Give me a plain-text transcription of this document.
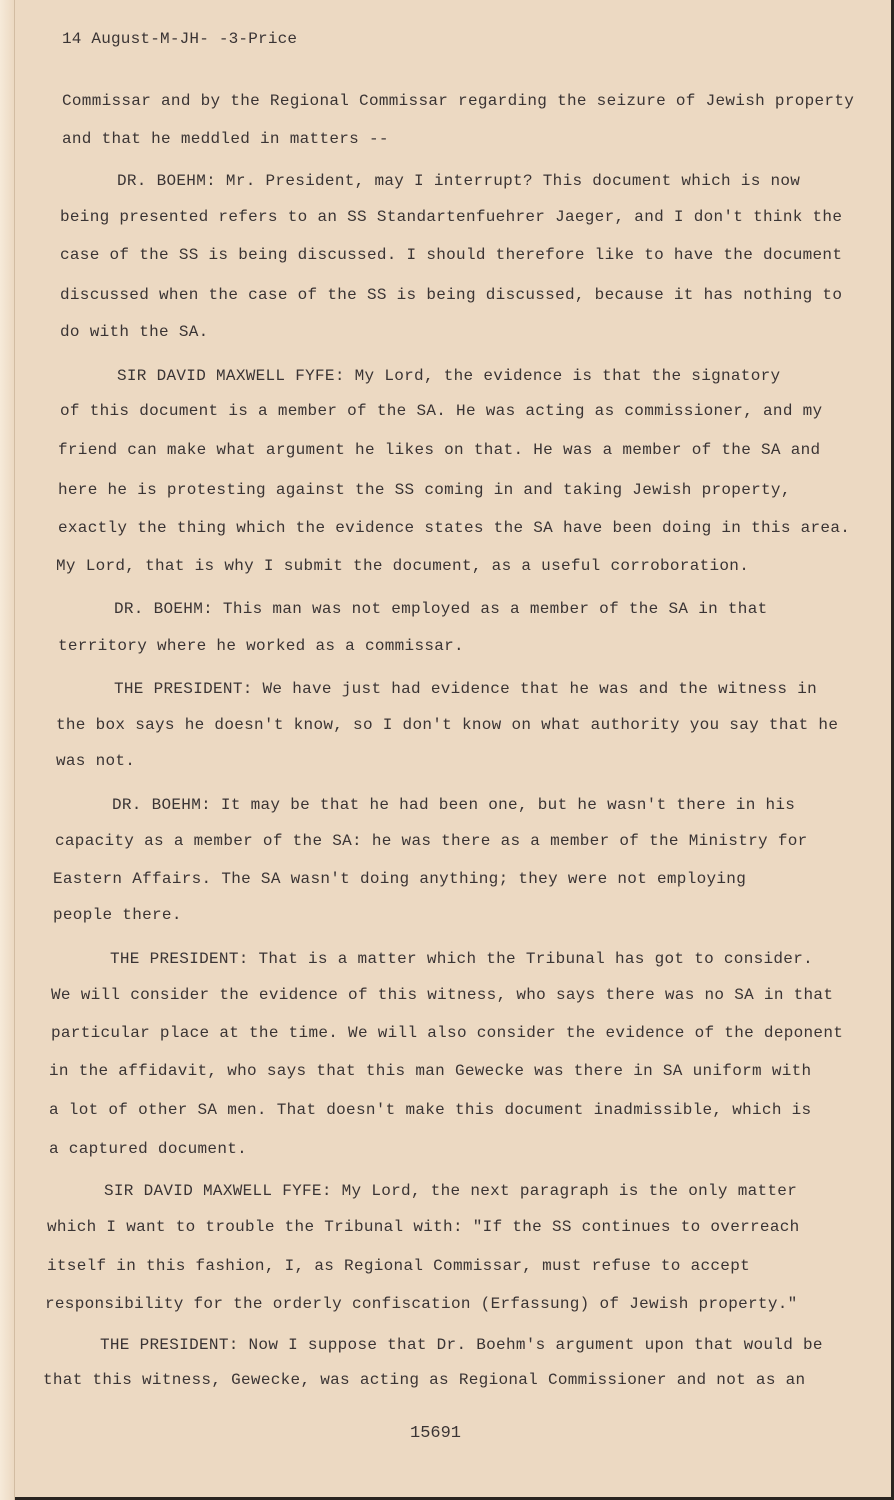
14 August-M-JH- -3-Price
Commissar and by the Regional Commissar regarding the seizure of Jewish property
and that he meddled in matters --
DR. BOEHM: Mr. President, may I interrupt? This document which is now
being presented refers to an SS Standartenfuehrer Jaeger, and I don't think the
case of the SS is being discussed. I should therefore like to have the document
discussed when the case of the SS is being discussed, because it has nothing to
do with the SA.
SIR DAVID MAXWELL FYFE: My Lord, the evidence is that the signatory
of this document is a member of the SA. He was acting as commissioner, and my
friend can make what argument he likes on that. He was a member of the SA and
here he is protesting against the SS coming in and taking Jewish property,
exactly the thing which the evidence states the SA have been doing in this area.
My Lord, that is why I submit the document, as a useful corroboration.
DR. BOEHM: This man was not employed as a member of the SA in that
territory where he worked as a commissar.
THE PRESIDENT: We have just had evidence that he was and the witness in
the box says he doesn't know, so I don't know on what authority you say that he
was not.
DR. BOEHM: It may be that he had been one, but he wasn't there in his
capacity as a member of the SA: he was there as a member of the Ministry for
Eastern Affairs. The SA wasn't doing anything; they were not employing
people there.
THE PRESIDENT: That is a matter which the Tribunal has got to consider.
We will consider the evidence of this witness, who says there was no SA in that
particular place at the time. We will also consider the evidence of the deponent
in the affidavit, who says that this man Gewecke was there in SA uniform with
a lot of other SA men. That doesn't make this document inadmissible, which is
a captured document.
SIR DAVID MAXWELL FYFE: My Lord, the next paragraph is the only matter
which I want to trouble the Tribunal with: "If the SS continues to overreach
itself in this fashion, I, as Regional Commissar, must refuse to accept
responsibility for the orderly confiscation (Erfassung) of Jewish property."
THE PRESIDENT: Now I suppose that Dr. Boehm's argument upon that would be
that this witness, Gewecke, was acting as Regional Commissioner and not as an
15691
